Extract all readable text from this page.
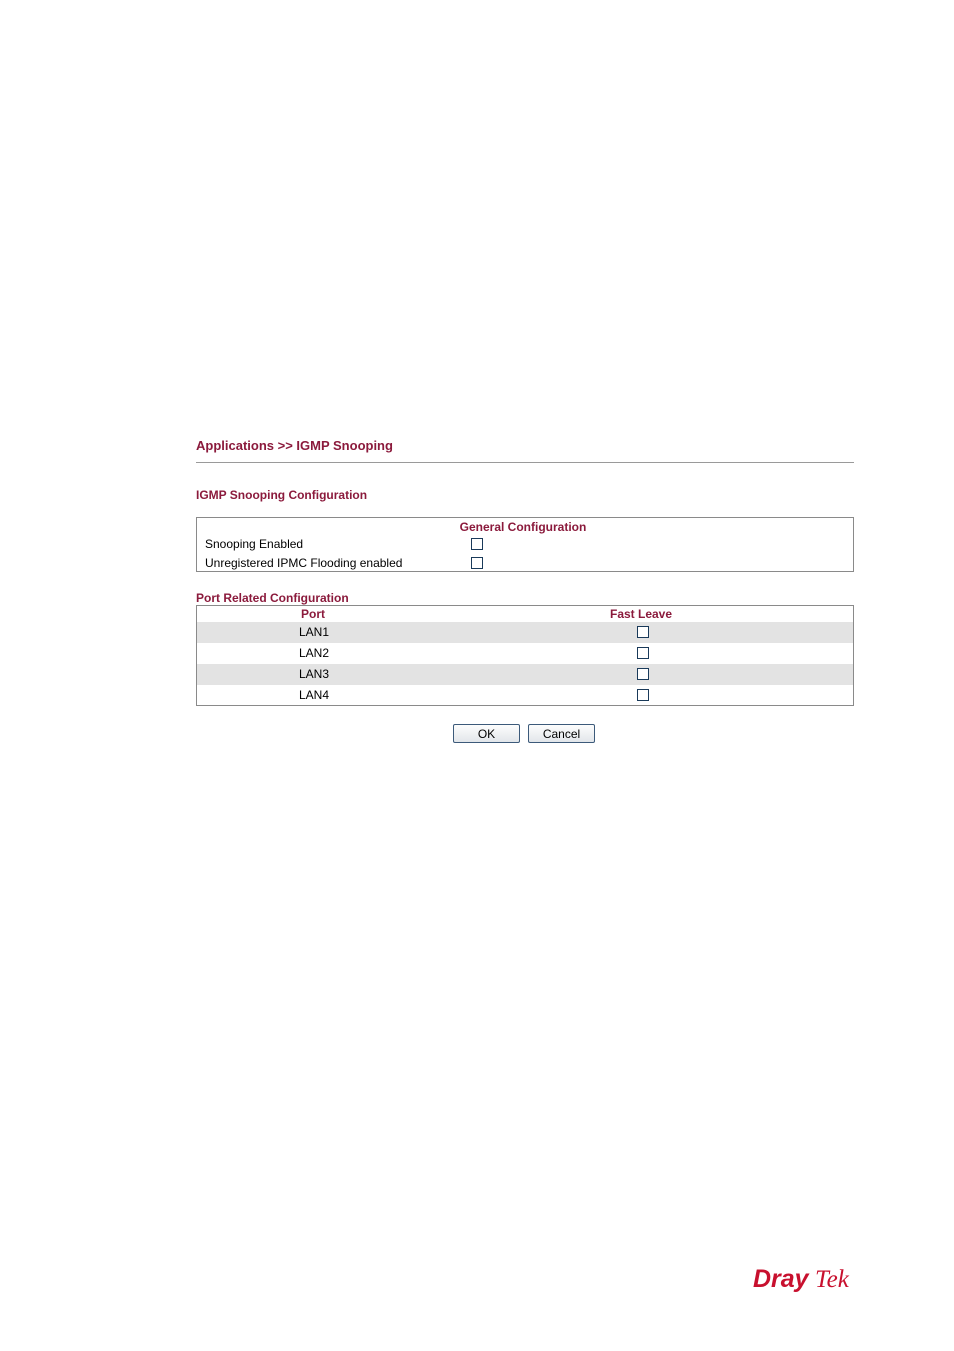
Applications >> IGMP Snooping
IGMP Snooping Configuration
General Configuration
Snooping Enabled
Unregistered IPMC Flooding enabled
Port Related Configuration
Port	Fast Leave
LAN1
LAN2
LAN3
LAN4
OK	Cancel
Dray Tek
